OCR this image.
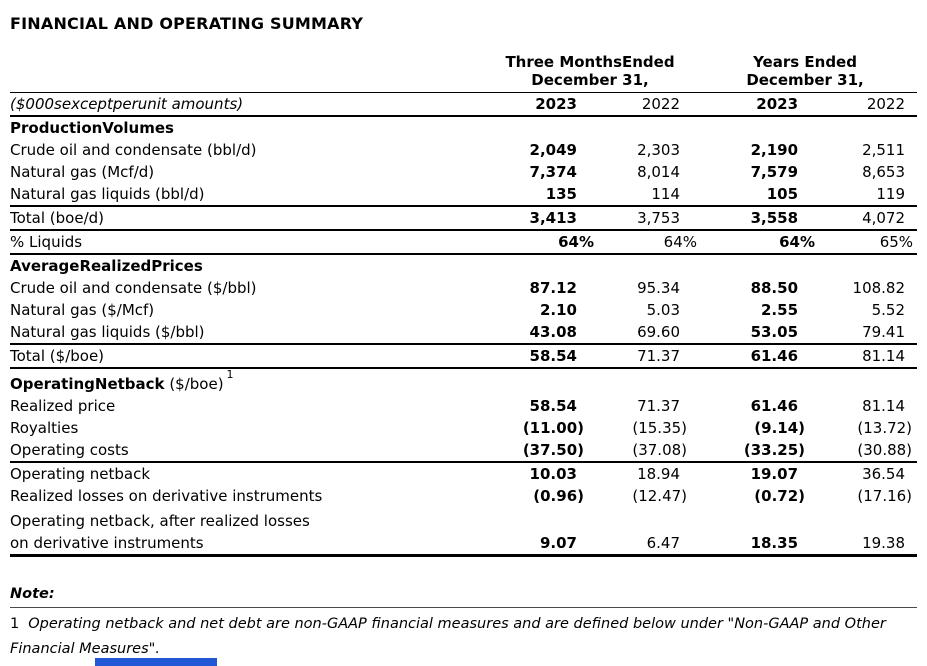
FINANCIAL AND OPERATING SUMMARY

Three MonthsEnded
December 31,

Years Ended
December 31,

($000sexceptperunit amounts)	2023	2022	2023	2022
ProductionVolumes				
Crude oil and condensate (bbl/d)	2,049	2,303	2,190	2,511
Natural gas (Mcf/d)	7,374	8,014	7,579	8,653
Natural gas liquids (bbl/d)	135	114	105	119
Total (boe/d)	3,413	3,753	3,558	4,072
% Liquids	64%	64%	64%	65%
AverageRealizedPrices				
Crude oil and condensate ($/bbl)	87.12	95.34	88.50	108.82
Natural gas ($/Mcf)	2.10	5.03	2.55	5.52
Natural gas liquids ($/bbl)	43.08	69.60	53.05	79.41
Total ($/boe)	58.54	71.37	61.46	81.14
OperatingNetback ($/boe)$^1$				
Realized price	58.54	71.37	61.46	81.14
Royalties	(11.00)	(15.35)	(9.14)	(13.72)
Operating costs	(37.50)	(37.08)	(33.25)	(30.88)
Operating netback	10.03	18.94	19.07	36.54
Realized losses on derivative instruments	(0.96)	(12.47)	(0.72)	(17.16)

Operating netback, after realized losses
on derivative instruments	9.07	6.47	18.35	19.38
Note:
1 Operating netback and net debt are non-GAAP financial measures and are defined below under "Non-GAAP and Other Financial Measures".
